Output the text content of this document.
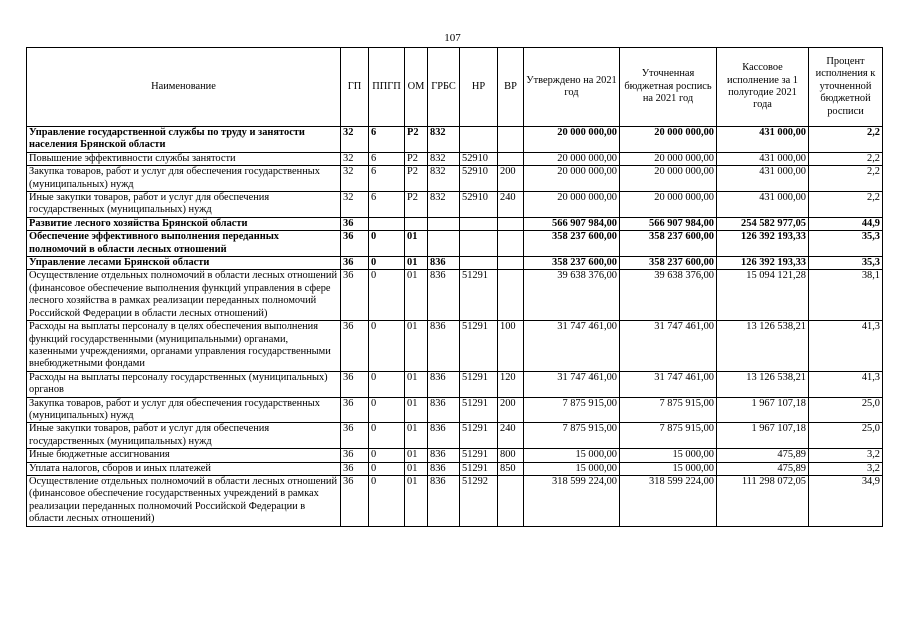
107
Наименование	ГП	ППГП	ОМ	ГРБС	НР	ВР	Утверждено на 2021 год	Уточненная бюджетная роспись на 2021 год	Кассовое исполнение за 1 полугодие 2021 года	Процент исполнения к уточненной бюджетной росписи
Управление государственной службы по труду и занятости населения Брянской области	32	6	Р2	832			20 000 000,00	20 000 000,00	431 000,00	2,2
Повышение эффективности службы занятости	32	6	Р2	832	52910		20 000 000,00	20 000 000,00	431 000,00	2,2
Закупка товаров, работ и услуг для обеспечения государственных (муниципальных) нужд	32	6	Р2	832	52910	200	20 000 000,00	20 000 000,00	431 000,00	2,2
Иные закупки товаров, работ и услуг для обеспечения государственных (муниципальных) нужд	32	6	Р2	832	52910	240	20 000 000,00	20 000 000,00	431 000,00	2,2
Развитие лесного хозяйства Брянской области	36						566 907 984,00	566 907 984,00	254 582 977,05	44,9
Обеспечение эффективного выполнения переданных полномочий в области лесных отношений	36	0	01				358 237 600,00	358 237 600,00	126 392 193,33	35,3
Управление лесами Брянской области	36	0	01	836			358 237 600,00	358 237 600,00	126 392 193,33	35,3
Осуществление отдельных полномочий в области лесных отношений (финансовое обеспечение выполнения функций управления в сфере лесного хозяйства в рамках реализации переданных полномочий Российской Федерации в области лесных отношений)	36	0	01	836	51291		39 638 376,00	39 638 376,00	15 094 121,28	38,1
Расходы на выплаты персоналу в целях обеспечения выполнения функций государственными (муниципальными) органами, казенными учреждениями, органами управления государственными внебюджетными фондами	36	0	01	836	51291	100	31 747 461,00	31 747 461,00	13 126 538,21	41,3
Расходы на выплаты персоналу государственных (муниципальных) органов	36	0	01	836	51291	120	31 747 461,00	31 747 461,00	13 126 538,21	41,3
Закупка товаров, работ и услуг для обеспечения государственных (муниципальных) нужд	36	0	01	836	51291	200	7 875 915,00	7 875 915,00	1 967 107,18	25,0
Иные закупки товаров, работ и услуг для обеспечения государственных (муниципальных) нужд	36	0	01	836	51291	240	7 875 915,00	7 875 915,00	1 967 107,18	25,0
Иные бюджетные ассигнования	36	0	01	836	51291	800	15 000,00	15 000,00	475,89	3,2
Уплата налогов, сборов и иных платежей	36	0	01	836	51291	850	15 000,00	15 000,00	475,89	3,2
Осуществление отдельных полномочий в области лесных отношений (финансовое обеспечение государственных учреждений в рамках реализации переданных полномочий Российской Федерации в области лесных отношений)	36	0	01	836	51292		318 599 224,00	318 599 224,00	111 298 072,05	34,9
